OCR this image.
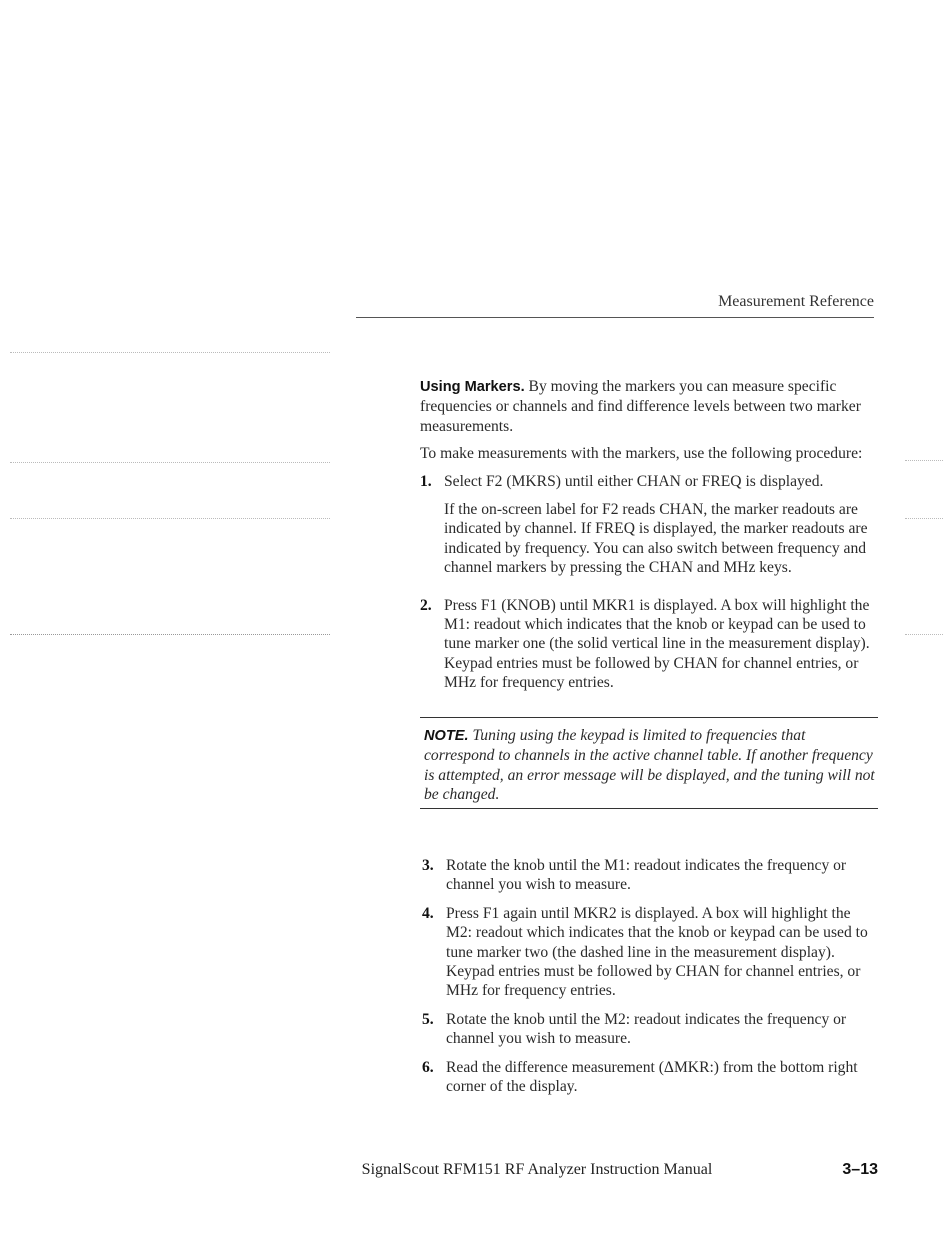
Measurement Reference

Using Markers. By moving the markers you can measure specific frequencies or channels and find difference levels between two marker measurements.

To make measurements with the markers, use the following procedure:

1. Select F2 (MKRS) until either CHAN or FREQ is displayed.

If the on-screen label for F2 reads CHAN, the marker readouts are indicated by channel. If FREQ is displayed, the marker readouts are indicated by frequency. You can also switch between frequency and channel markers by pressing the CHAN and MHz keys.

2. Press F1 (KNOB) until MKR1 is displayed. A box will highlight the M1: readout which indicates that the knob or keypad can be used to tune marker one (the solid vertical line in the measurement display). Keypad entries must be followed by CHAN for channel entries, or MHz for frequency entries.

NOTE. Tuning using the keypad is limited to frequencies that correspond to channels in the active channel table. If another frequency is attempted, an error message will be displayed, and the tuning will not be changed.
3. Rotate the knob until the M1: readout indicates the frequency or channel you wish to measure.
4. Press F1 again until MKR2 is displayed. A box will highlight the M2: readout which indicates that the knob or keypad can be used to tune marker two (the dashed line in the measurement display). Keypad entries must be followed by CHAN for channel entries, or MHz for frequency entries.
5. Rotate the knob until the M2: readout indicates the frequency or channel you wish to measure.
6. Read the difference measurement (ΔMKR:) from the bottom right corner of the display.
SignalScout RFM151 RF Analyzer Instruction Manual	3–13
